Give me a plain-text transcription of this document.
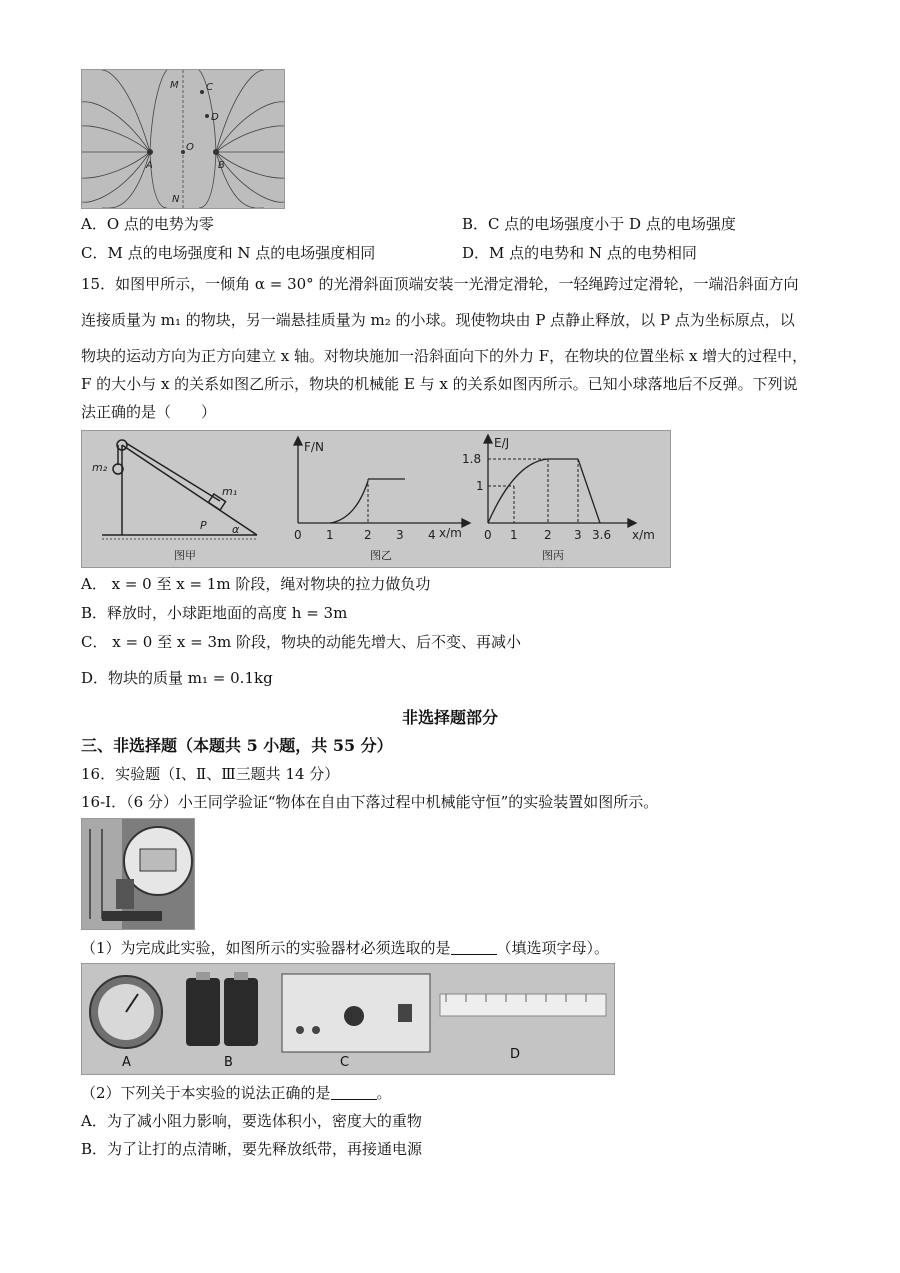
M	C
D
A
O
B
N
A．O 点的电势为零	B．C 点的电场强度小于 D 点的电场强度
C．M 点的电场强度和 N 点的电场强度相同	D．M 点的电势和 N 点的电势相同
15．如图甲所示，一倾角 α = 30° 的光滑斜面顶端安装一光滑定滑轮，一轻绳跨过定滑轮，一端沿斜面方向
连接质量为 m₁ 的物块，另一端悬挂质量为 m₂ 的小球。现使物块由 P 点静止释放，以 P 点为坐标原点，以
物块的运动方向为正方向建立 x 轴。对物块施加一沿斜面向下的外力 F，在物块的位置坐标 x 增大的过程中，
F 的大小与 x 的关系如图乙所示，物块的机械能 E 与 x 的关系如图丙所示。已知小球落地后不反弹。下列说
法正确的是（　　）
m₂
m₁
P α
图甲
F/N
x/m
0 1	2 3 4
图乙
E/J
1.8
1
0 1 2 3 3.6 x/m
图丙
A． x = 0 至 x = 1m 阶段，绳对物块的拉力做负功
B．释放时，小球距地面的高度 h = 3m
C． x = 0 至 x = 3m 阶段，物块的动能先增大、后不变、再减小
D．物块的质量 m₁ = 0.1kg
非选择题部分
三、非选择题（本题共 5 小题，共 55 分）
16．实验题（Ⅰ、Ⅱ、Ⅲ三题共 14 分）
16-Ⅰ．（6 分）小王同学验证“物体在自由下落过程中机械能守恒”的实验装置如图所示。
（1）为完成此实验，如图所示的实验器材必须选取的是	（填选项字母）。
A	B	C
D
（2）下列关于本实验的说法正确的是	。
A．为了减小阻力影响，要选体积小，密度大的重物
B．为了让打的点清晰，要先释放纸带，再接通电源
